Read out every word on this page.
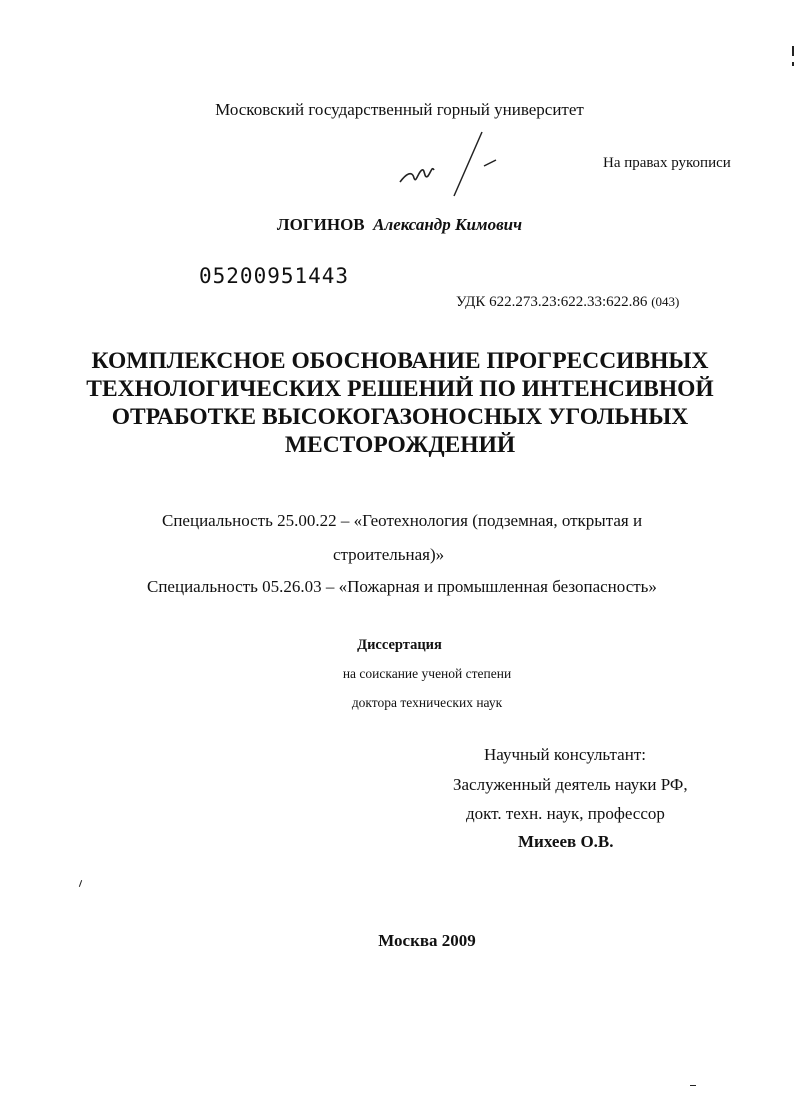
Московский государственный горный университет
На правах рукописи
ЛОГИНОВ Александр Кимович
05200951443
УДК 622.273.23:622.33:622.86 (043)
КОМПЛЕКСНОЕ ОБОСНОВАНИЕ ПРОГРЕССИВНЫХ
ТЕХНОЛОГИЧЕСКИХ РЕШЕНИЙ ПО ИНТЕНСИВНОЙ
ОТРАБОТКЕ ВЫСОКОГАЗОНОСНЫХ УГОЛЬНЫХ
МЕСТОРОЖДЕНИЙ
Специальность 25.00.22 – «Геотехнология (подземная, открытая и
строительная)»
Специальность 05.26.03 – «Пожарная и промышленная безопасность»
Диссертация
на соискание ученой степени
доктора технических наук
Научный консультант:
Заслуженный деятель науки РФ,
докт. техн. наук, профессор
Михеев О.В.
Москва 2009
